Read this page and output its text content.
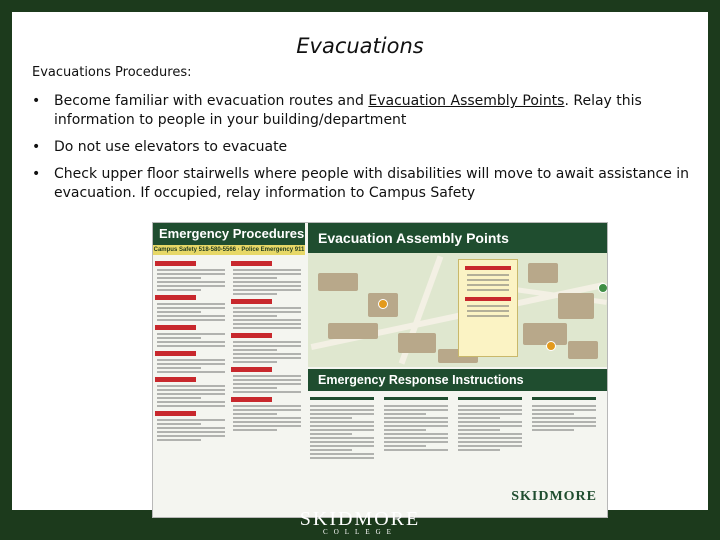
Evacuations
Evacuations Procedures:
• Become familiar with evacuation routes and Evacuation Assembly Points. Relay this information to people in your building/department
• Do not use elevators to evacuate
• Check upper floor stairwells where people with disabilities will move to await assistance in evacuation. If occupied, relay information to Campus Safety
Emergency Procedures
Campus Safety 518-580-5566 · Police Emergency 911
Evacuation Assembly Points
Emergency Response Instructions
SKIDMORE
SKIDMORE
COLLEGE
